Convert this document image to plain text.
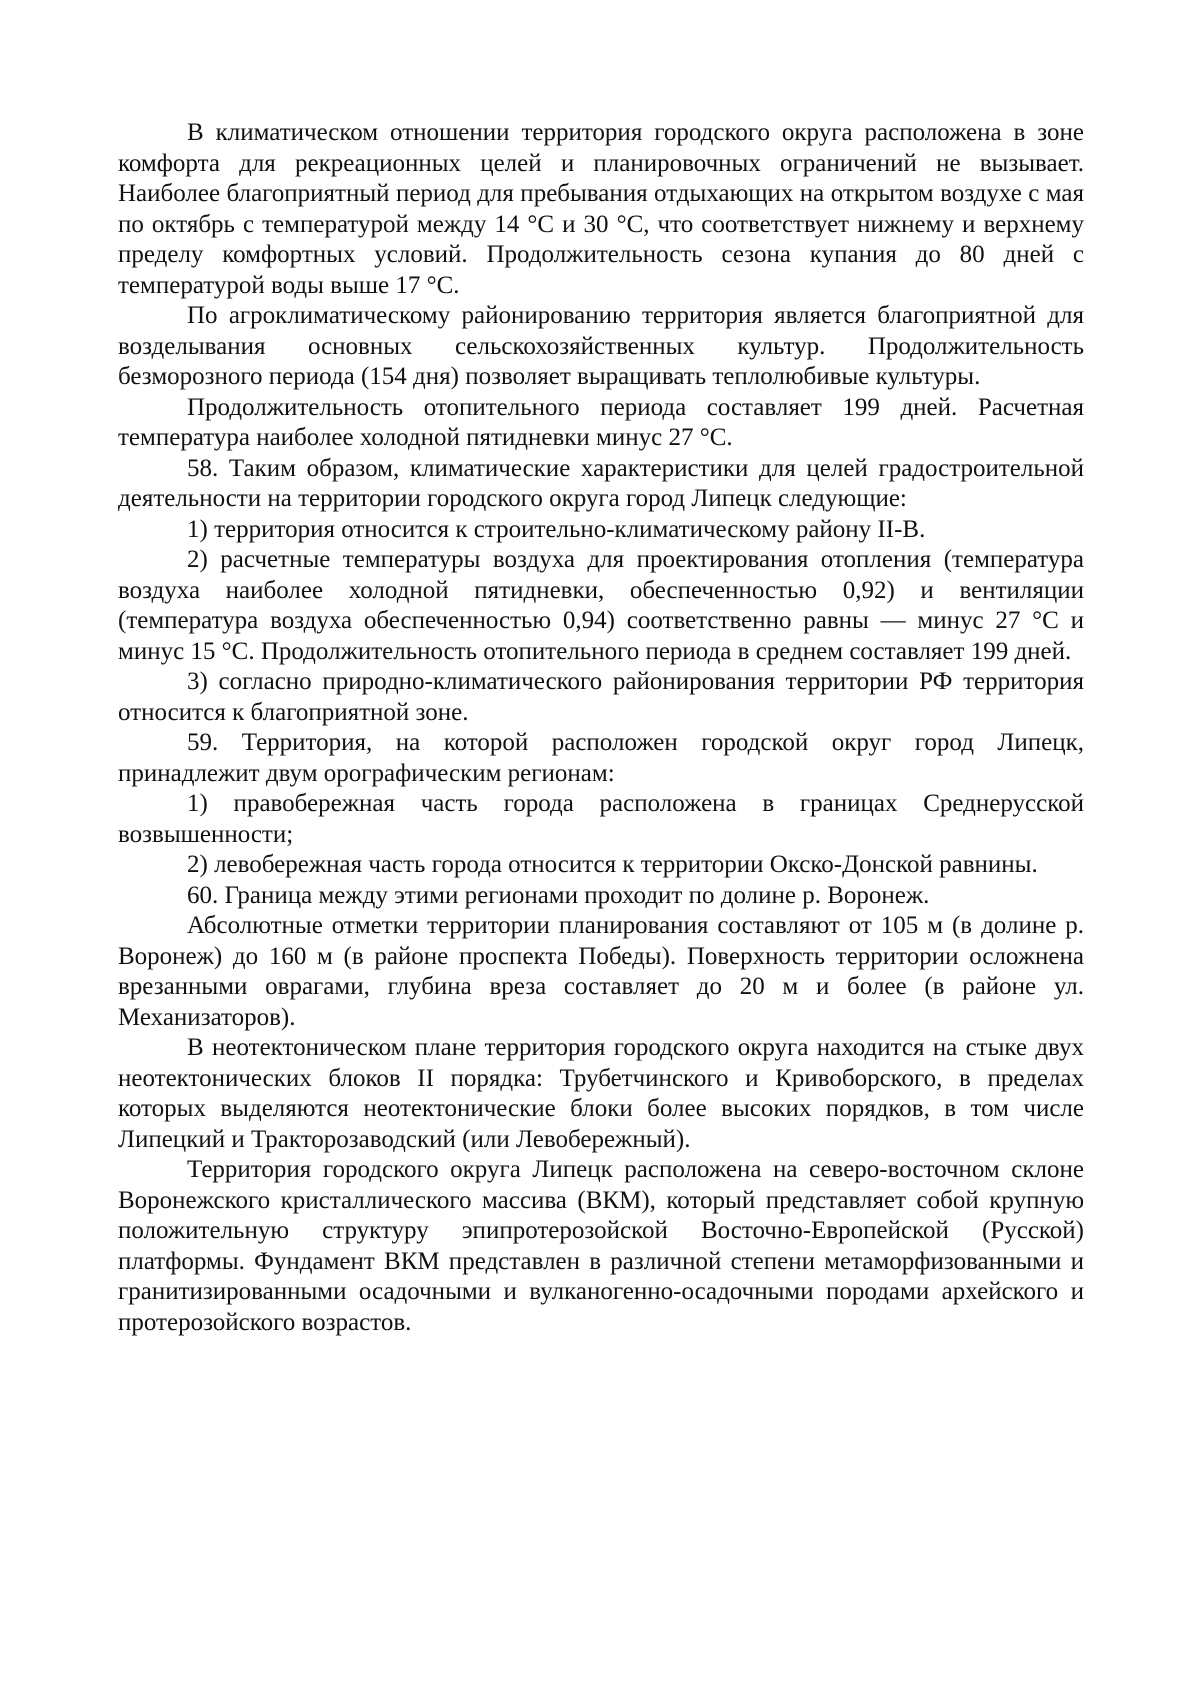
В климатическом отношении территория городского округа расположена в зоне комфорта для рекреационных целей и планировочных ограничений не вызывает. Наиболее благоприятный период для пребывания отдыхающих на открытом воздухе с мая по октябрь с температурой между 14 °С и 30 °С, что соответствует нижнему и верхнему пределу комфортных условий. Продолжительность сезона купания до 80 дней с температурой воды выше 17 °С.

По агроклиматическому районированию территория является благоприятной для возделывания основных сельскохозяйственных культур. Продолжительность безморозного периода (154 дня) позволяет выращивать теплолюбивые культуры.

Продолжительность отопительного периода составляет 199 дней. Расчетная температура наиболее холодной пятидневки минус 27 °С.

58. Таким образом, климатические характеристики для целей градостроительной деятельности на территории городского округа город Липецк следующие:

1) территория относится к строительно-климатическому району II-В.

2) расчетные температуры воздуха для проектирования отопления (температура воздуха наиболее холодной пятидневки, обеспеченностью 0,92) и вентиляции (температура воздуха обеспеченностью 0,94) соответственно равны — минус 27 °С и минус 15 °С. Продолжительность отопительного периода в среднем составляет 199 дней.

3) согласно природно-климатического районирования территории РФ территория относится к благоприятной зоне.

59. Территория, на которой расположен городской округ город Липецк, принадлежит двум орографическим регионам:

1) правобережная часть города расположена в границах Среднерусской возвышенности;

2) левобережная часть города относится к территории Окско-Донской равнины.

60. Граница между этими регионами проходит по долине р. Воронеж.

Абсолютные отметки территории планирования составляют от 105 м (в долине р. Воронеж) до 160 м (в районе проспекта Победы). Поверхность территории осложнена врезанными оврагами, глубина вреза составляет до 20 м и более (в районе ул. Механизаторов).

В неотектоническом плане территория городского округа находится на стыке двух неотектонических блоков II порядка: Трубетчинского и Кривоборского, в пределах которых выделяются неотектонические блоки более высоких порядков, в том числе Липецкий и Тракторозаводский (или Левобережный).

Территория городского округа Липецк расположена на северо-восточном склоне Воронежского кристаллического массива (ВКМ), который представляет собой крупную положительную структуру эпипротерозойской Восточно-Европейской (Русской) платформы. Фундамент ВКМ представлен в различной степени метаморфизованными и гранитизированными осадочными и вулканогенно-осадочными породами архейского и протерозойского возрастов.
